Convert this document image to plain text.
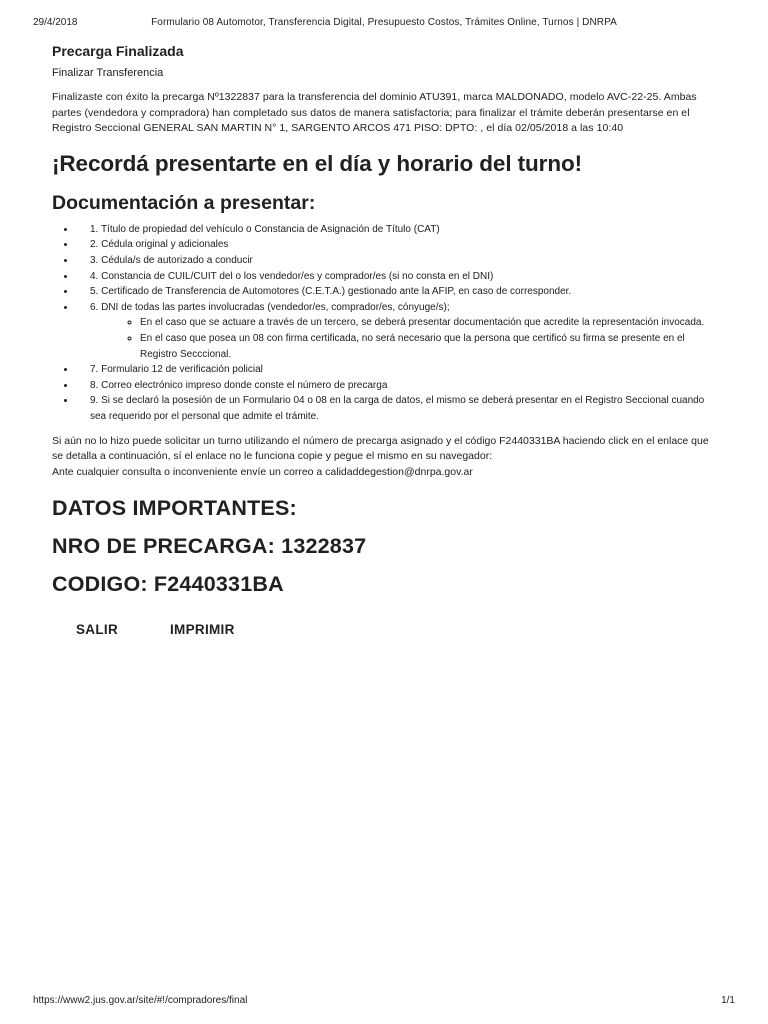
29/4/2018	Formulario 08 Automotor, Transferencia Digital, Presupuesto Costos, Trámites Online, Turnos | DNRPA
Precarga Finalizada

Finalizar Transferencia

Finalizaste con éxito la precarga Nº1322837 para la transferencia del dominio ATU391, marca MALDONADO, modelo AVC-22-25. Ambas partes (vendedora y compradora) han completado sus datos de manera satisfactoria; para finalizar el trámite deberán presentarse en el Registro Seccional GENERAL SAN MARTIN N° 1, SARGENTO ARCOS 471 PISO: DPTO: , el día 02/05/2018 a las 10:40

¡Recordá presentarte en el día y horario del turno!
Documentación a presentar:
• 1. Título de propiedad del vehículo o Constancia de Asignación de Título (CAT)
• 2. Cédula original y adicionales
• 3. Cédula/s de autorizado a conducir
• 4. Constancia de CUIL/CUIT del o los vendedor/es y comprador/es (si no consta en el DNI)
• 5. Certificado de Transferencia de Automotores (C.E.T.A.) gestionado ante la AFIP, en caso de corresponder.
• 6. DNI de todas las partes involucradas (vendedor/es, comprador/es, cónyuge/s);
◦ En el caso que se actuare a través de un tercero, se deberá presentar documentación que acredite la representación invocada.
◦ En el caso que posea un 08 con firma certificada, no será necesario que la persona que certificó su firma se presente en el Registro Secccional.
• 7. Formulario 12 de verificación policial
• 8. Correo electrónico impreso donde conste el número de precarga
• 9. Si se declaró la posesión de un Formulario 04 o 08 en la carga de datos, el mismo se deberá presentar en el Registro Seccional cuando sea requerido por el personal que admite el trámite.

Si aún no lo hizo puede solicitar un turno utilizando el número de precarga asignado y el código F2440331BA haciendo click en el enlace que se detalla a continuación, sí el enlace no le funciona copie y pegue el mismo en su navegador:

Ante cualquier consulta o inconveniente envíe un correo a calidaddegestion@dnrpa.gov.ar

DATOS IMPORTANTES:
NRO DE PRECARGA: 1322837
CODIGO: F2440331BA
SALIR	IMPRIMIR
https://www2.jus.gov.ar/site/#!/compradores/final	1/1
